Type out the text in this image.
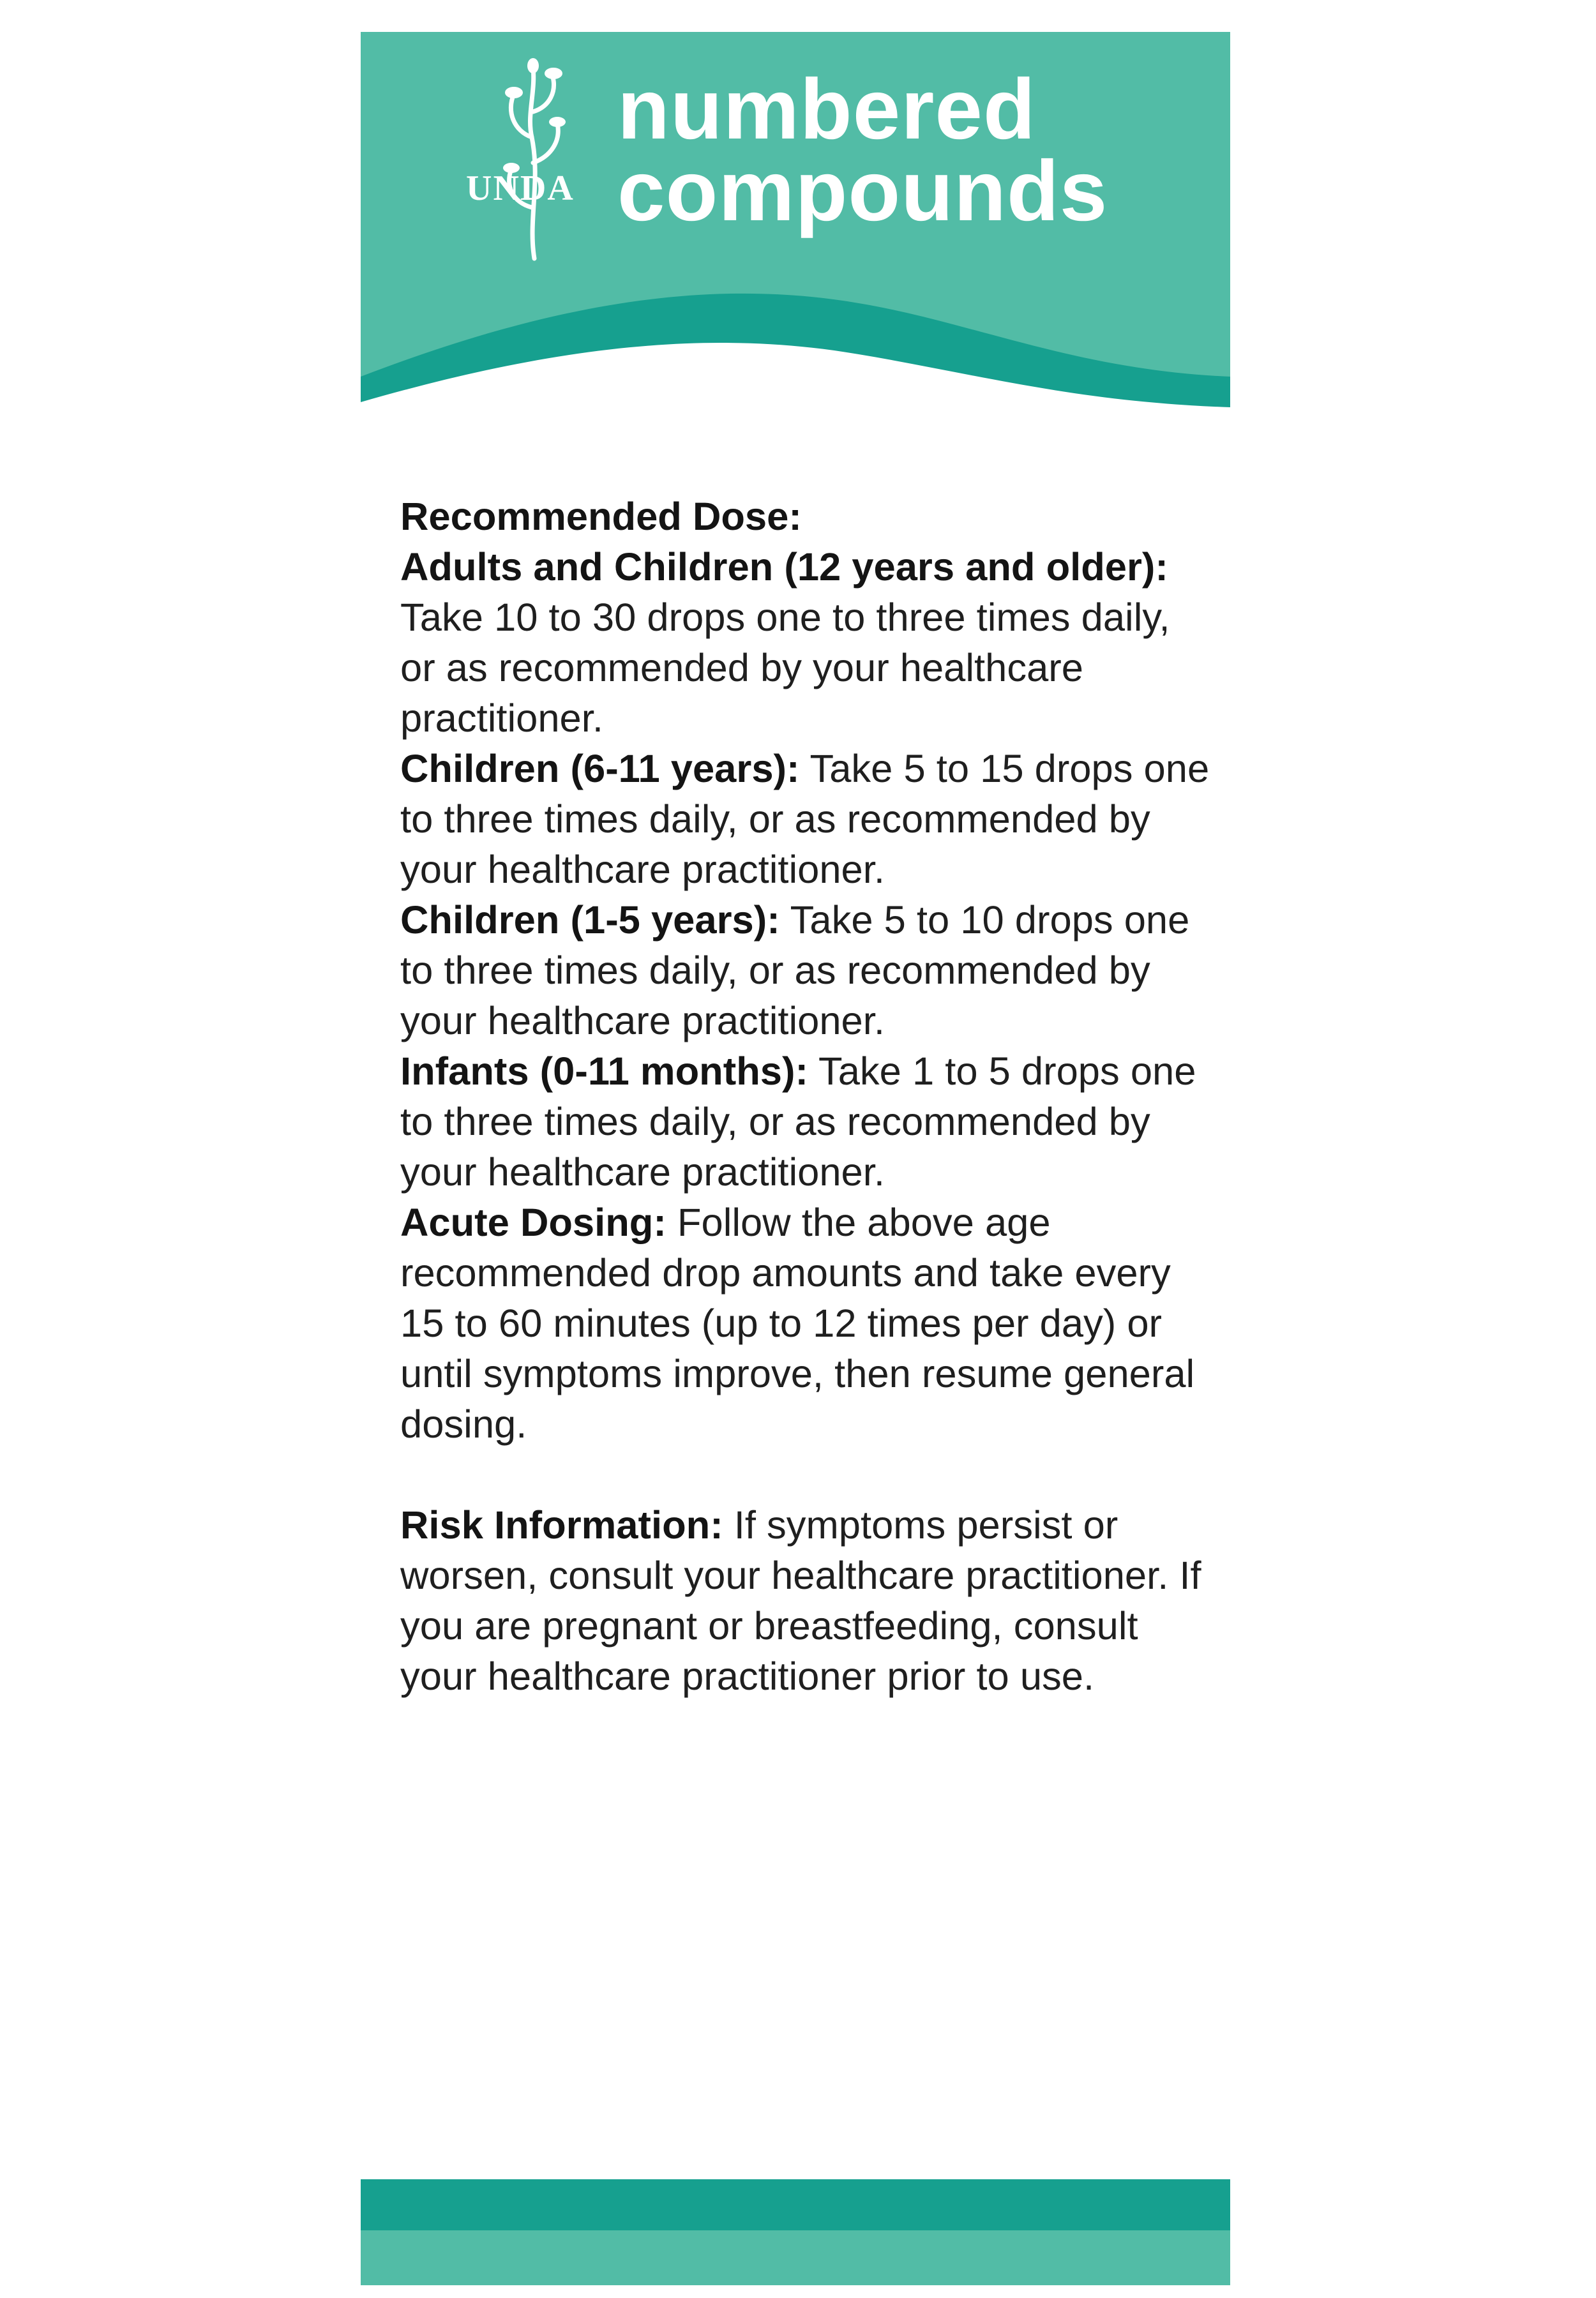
UNDA
numbered
compounds

Recommended Dose:

Adults and Children (12 years and older): Take 10 to 30 drops one to three times daily, or as recommended by your healthcare practitioner.

Children (6-11 years): Take 5 to 15 drops one to three times daily, or as recommended by your healthcare practitioner.

Children (1-5 years): Take 5 to 10 drops one to three times daily, or as recommended by your healthcare practitioner.

Infants (0-11 months): Take 1 to 5 drops one to three times daily, or as recommended by your healthcare practitioner.

Acute Dosing: Follow the above age recommended drop amounts and take every 15 to 60 minutes (up to 12 times per day) or until symptoms improve, then resume general dosing.

Risk Information: If symptoms persist or worsen, consult your healthcare practitioner. If you are pregnant or breastfeeding, consult your healthcare practitioner prior to use.
